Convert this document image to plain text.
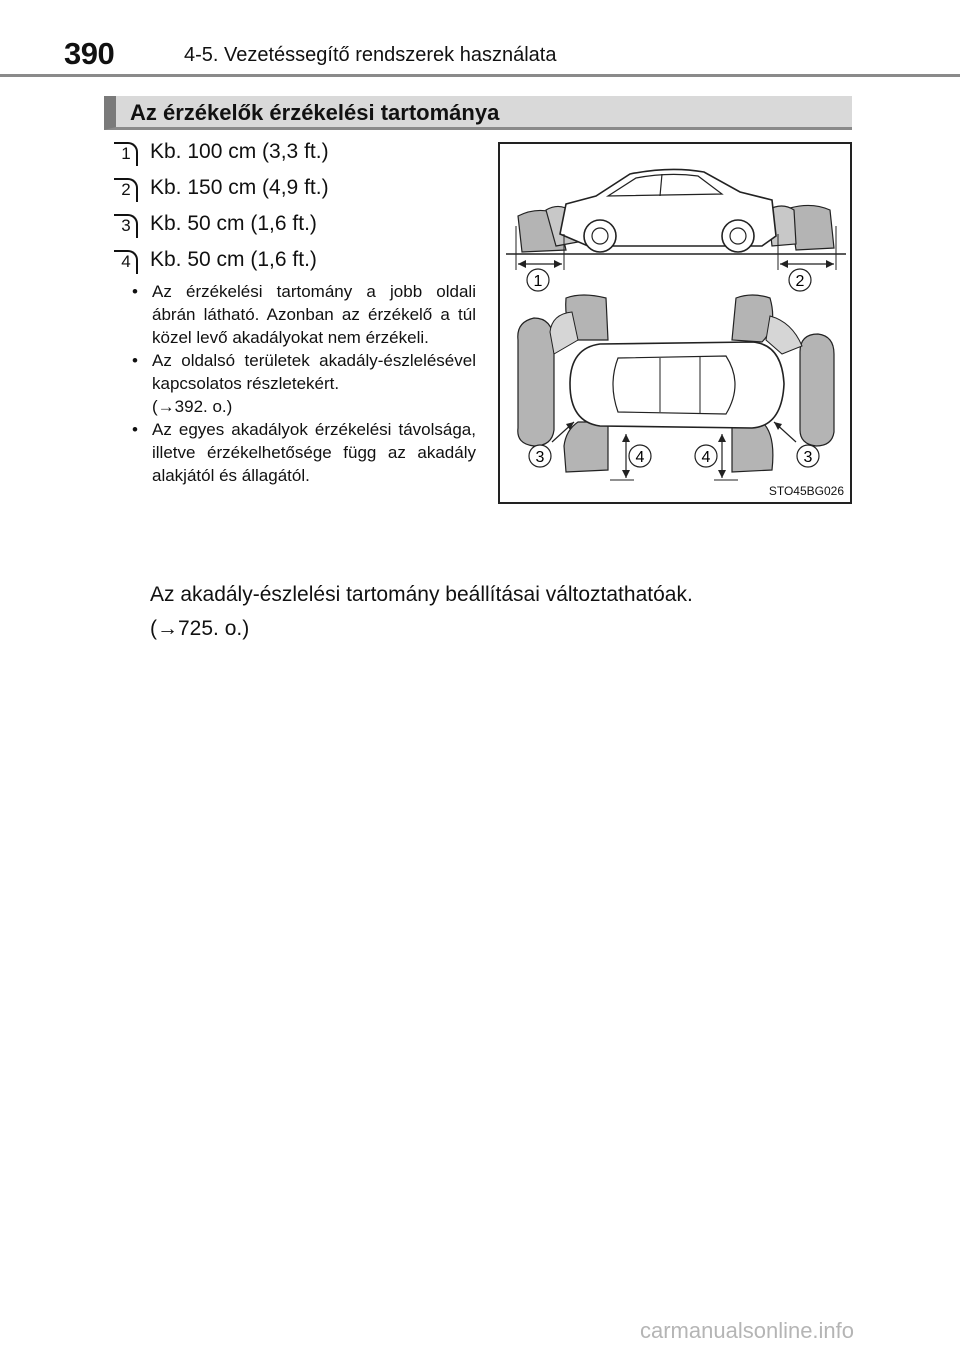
390	4-5. Vezetéssegítő rendszerek használata
Az érzékelők érzékelési tartománya
1 Kb. 100 cm (3,3 ft.)
2 Kb. 150 cm (4,9 ft.)
3 Kb. 50 cm (1,6 ft.)
4 Kb. 50 cm (1,6 ft.)
• Az érzékelési tartomány a jobb oldali ábrán látható. Azonban az érzékelő a túl közel levő akadályokat nem érzékeli.
• Az oldalsó területek akadály-észlelésével kapcsolatos részletekért.
(→392. o.)
• Az egyes akadályok érzékelési távolsága, illetve érzékelhetősége függ az akadály alakjától és állagától.
1	2
3	4	4	3
STO45BG026
Az akadály-észlelési tartomány beállításai változtathatóak.
(→725. o.)
carmanualsonline.info
